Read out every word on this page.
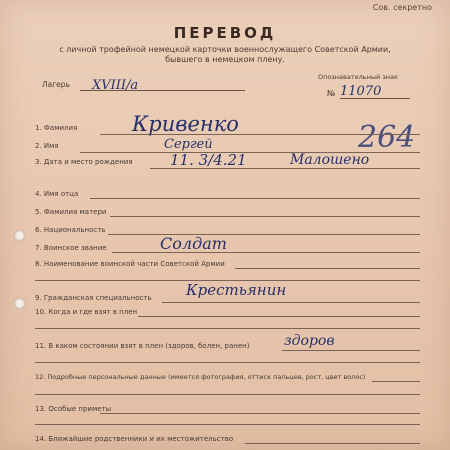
Сов. секретно
ПЕРЕВОД
с личной трофейной немецкой карточки военнослужащего Советской Армии,
бывшего в немецком плену.
Лагерь XVIII/a
Опознавательный знак
№ 11070
264
1. Фамилия	Кривенко
2. Имя	Сергей
3. Дата и место рождения 11. 3/4.21	Малошено
4. Имя отца
5. Фамилия матери
6. Национальность
7. Воинское звание	Солдат
8. Наименование воинской части Советской Армии
9. Гражданская специальность Крестьянин
10. Когда и где взят в плен
11. В каком состоянии взят в плен (здоров, болен, ранен) здоров
12. Подробные персональные данные (имеется фотография, оттиск пальцев, рост, цвет волос)
13. Особые приметы
14. Ближайшие родственники и их местожительство
